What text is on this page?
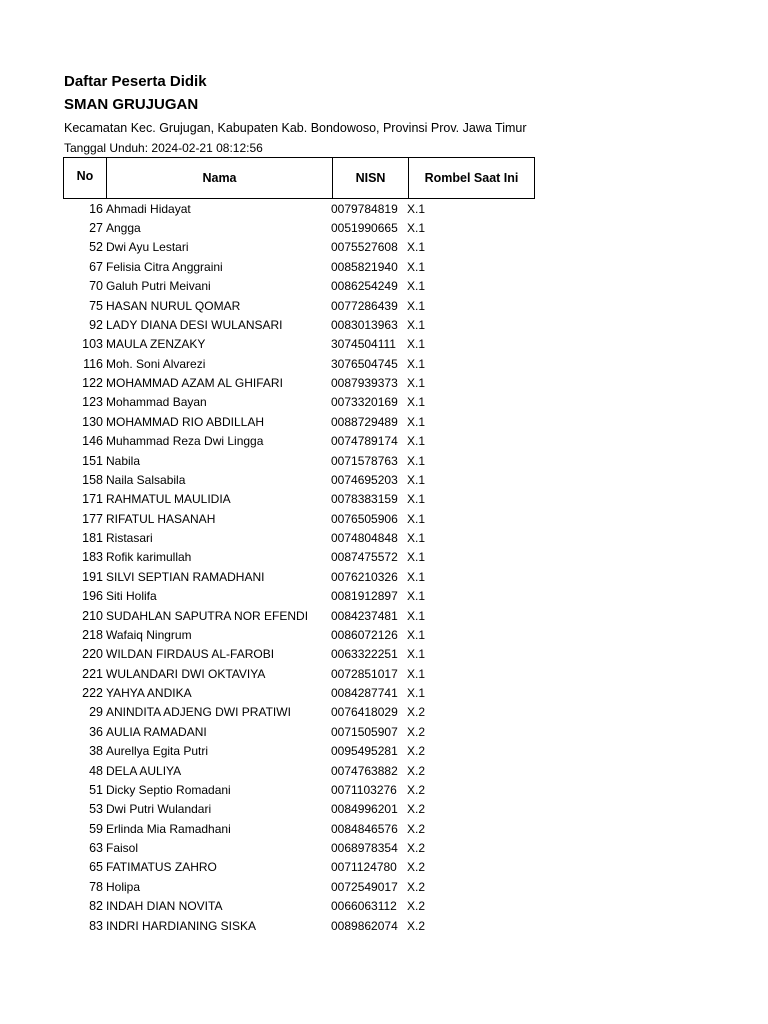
Daftar Peserta Didik
SMAN GRUJUGAN
Kecamatan Kec. Grujugan, Kabupaten Kab. Bondowoso, Provinsi Prov. Jawa Timur
Tanggal Unduh: 2024-02-21 08:12:56
No	Nama	NISN	Rombel Saat Ini
16 Ahmadi Hidayat	0079784819 X.1
27 Angga	0051990665 X.1
52 Dwi Ayu Lestari	0075527608 X.1
67 Felisia Citra Anggraini	0085821940 X.1
70 Galuh Putri Meivani	0086254249 X.1
75 HASAN NURUL QOMAR	0077286439 X.1
92 LADY DIANA DESI WULANSARI	0083013963 X.1
103 MAULA ZENZAKY	3074504111 X.1
116 Moh. Soni Alvarezi	3076504745 X.1
122 MOHAMMAD AZAM AL GHIFARI	0087939373 X.1
123 Mohammad Bayan	0073320169 X.1
130 MOHAMMAD RIO ABDILLAH	0088729489 X.1
146 Muhammad Reza Dwi Lingga	0074789174 X.1
151 Nabila	0071578763 X.1
158 Naila Salsabila	0074695203 X.1
171 RAHMATUL MAULIDIA	0078383159 X.1
177 RIFATUL HASANAH	0076505906 X.1
181 Ristasari	0074804848 X.1
183 Rofik karimullah	0087475572 X.1
191 SILVI SEPTIAN RAMADHANI	0076210326 X.1
196 Siti Holifa	0081912897 X.1
210 SUDAHLAN SAPUTRA NOR EFENDI	0084237481 X.1
218 Wafaiq Ningrum	0086072126 X.1
220 WILDAN FIRDAUS AL-FAROBI	0063322251 X.1
221 WULANDARI DWI OKTAVIYA	0072851017 X.1
222 YAHYA ANDIKA	0084287741 X.1
29 ANINDITA ADJENG DWI PRATIWI	0076418029 X.2
36 AULIA RAMADANI	0071505907 X.2
38 Aurellya Egita Putri	0095495281 X.2
48 DELA AULIYA	0074763882 X.2
51 Dicky Septio Romadani	0071103276 X.2
53 Dwi Putri Wulandari	0084996201 X.2
59 Erlinda Mia Ramadhani	0084846576 X.2
63 Faisol	0068978354 X.2
65 FATIMATUS ZAHRO	0071124780 X.2
78 Holipa	0072549017 X.2
82 INDAH DIAN NOVITA	0066063112 X.2
83 INDRI HARDIANING SISKA	0089862074 X.2
